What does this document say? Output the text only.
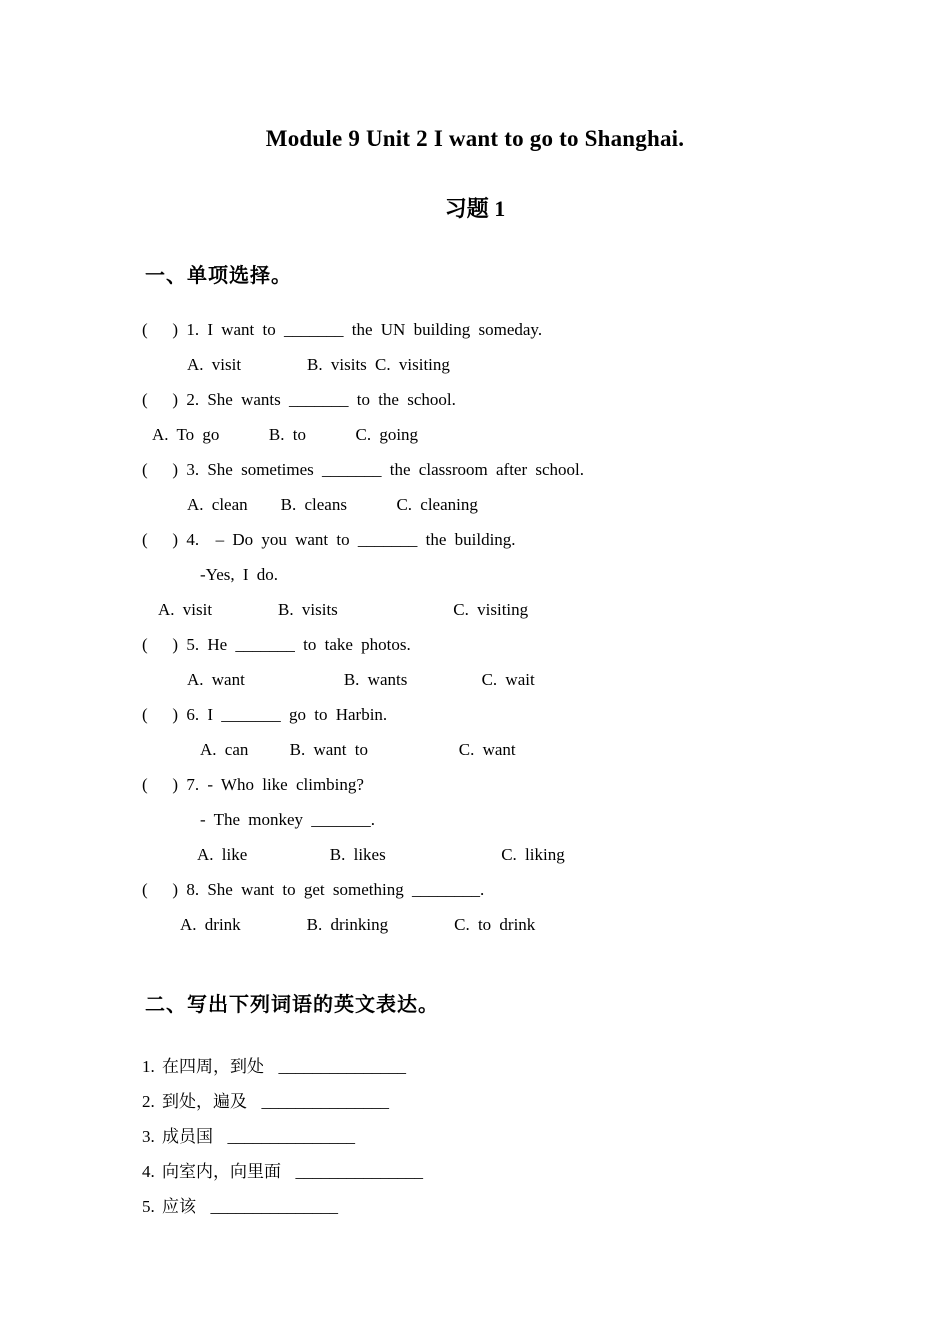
Module 9 Unit 2 I want to go to Shanghai.
习题 1
一、单项选择。
(   ) 1. I want to _______ the UN building someday.
A. visit        B. visits C. visiting
(   ) 2. She wants _______ to the school.
A. To go      B. to      C. going
(   ) 3. She sometimes _______ the classroom after school.
A. clean    B. cleans      C. cleaning
(   ) 4.  – Do you want to _______ the building.
-Yes, I do.
A. visit        B. visits              C. visiting
(   ) 5. He _______ to take photos.
A. want            B. wants         C. wait
(   ) 6. I _______ go to Harbin.
A. can     B. want to           C. want
(   ) 7. - Who like climbing?
- The monkey _______.
A. like          B. likes              C. liking
(   ) 8. She want to get something ________.
A. drink        B. drinking        C. to drink
二、写出下列词语的英文表达。
1. 在四周，到处  _______________
2. 到处，遍及  _______________
3. 成员国  _______________
4. 向室内，向里面  _______________
5. 应该  _______________
